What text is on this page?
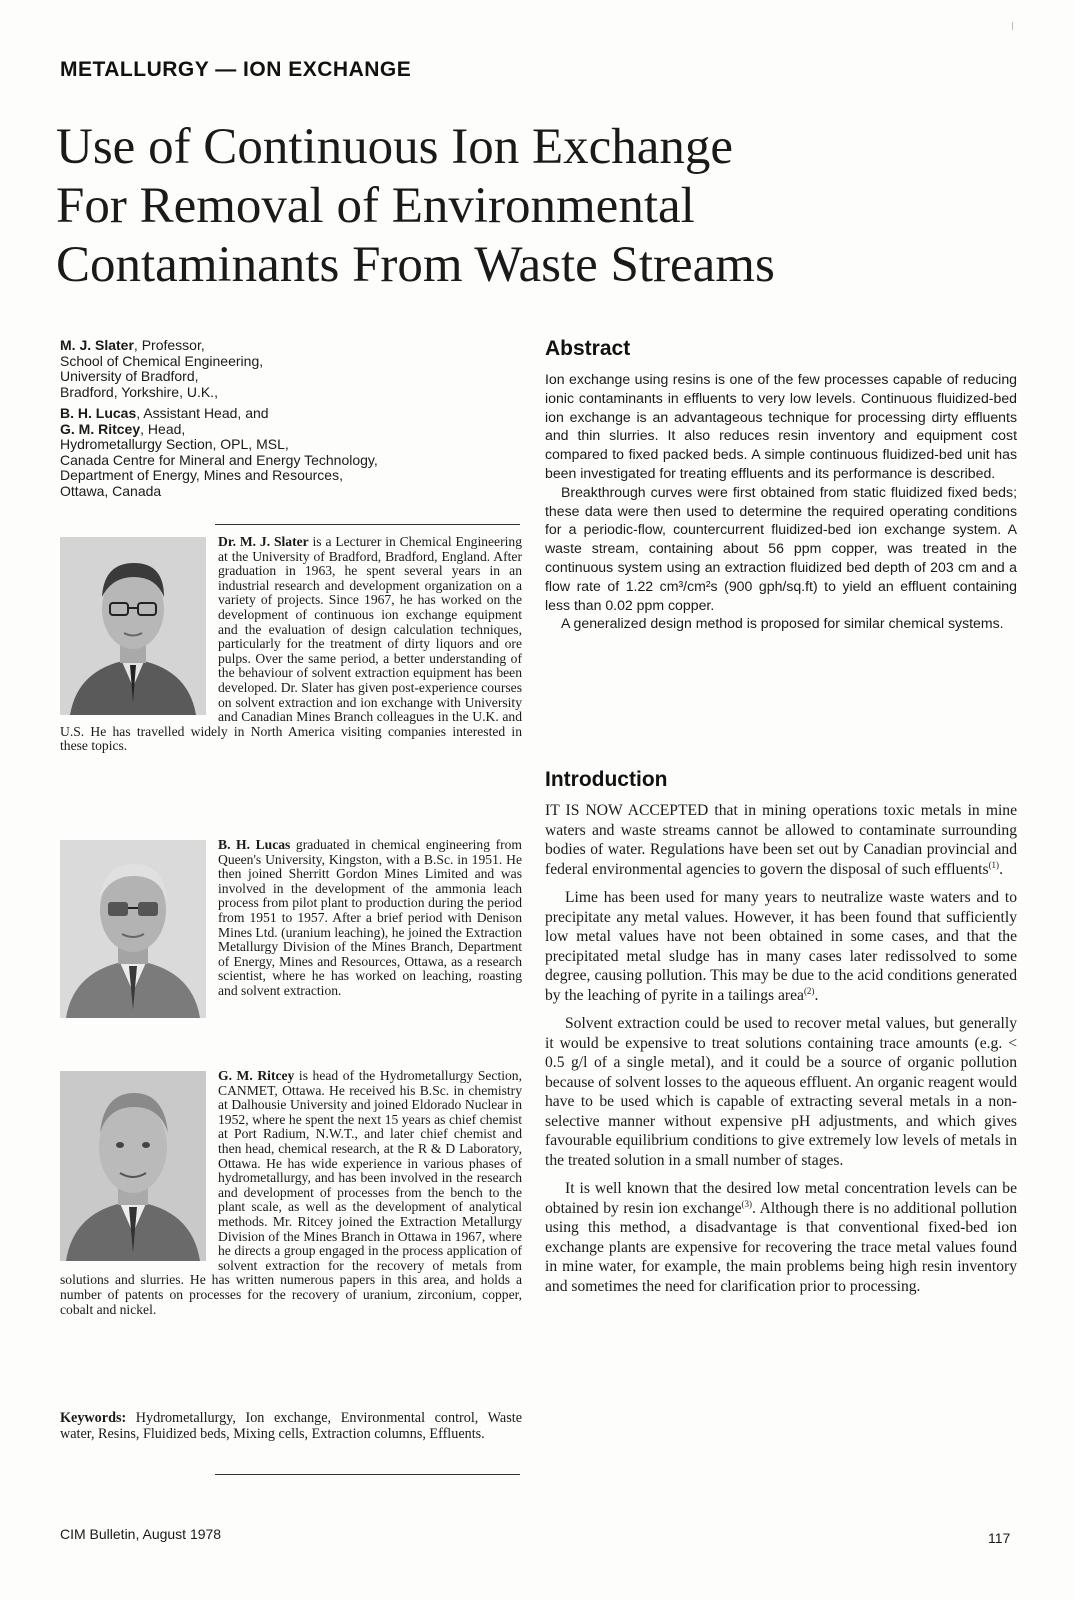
METALLURGY — ION EXCHANGE
Use of Continuous Ion Exchange
For Removal of Environmental
Contaminants From Waste Streams
M. J. Slater, Professor,
School of Chemical Engineering,
University of Bradford,
Bradford, Yorkshire, U.K.,
B. H. Lucas, Assistant Head, and
G. M. Ritcey, Head,
Hydrometallurgy Section, OPL, MSL,
Canada Centre for Mineral and Energy Technology,
Department of Energy, Mines and Resources,
Ottawa, Canada
Dr. M. J. Slater is a Lecturer in Chemical Engineering at the University of Bradford, Bradford, England. After graduation in 1963, he spent several years in an industrial research and development organization on a variety of projects. Since 1967, he has worked on the development of continuous ion exchange equipment and the evaluation of design calculation techniques, particularly for the treatment of dirty liquors and ore pulps. Over the same period, a better understanding of the behaviour of solvent extraction equipment has been developed. Dr. Slater has given post-experience courses on solvent extraction and ion exchange with University and Canadian Mines Branch colleagues in the U.K. and U.S. He has travelled widely in North America visiting companies interested in these topics.
B. H. Lucas graduated in chemical engineering from Queen's University, Kingston, with a B.Sc. in 1951. He then joined Sherritt Gordon Mines Limited and was involved in the development of the ammonia leach process from pilot plant to production during the period from 1951 to 1957. After a brief period with Denison Mines Ltd. (uranium leaching), he joined the Extraction Metallurgy Division of the Mines Branch, Department of Energy, Mines and Resources, Ottawa, as a research scientist, where he has worked on leaching, roasting and solvent extraction.
G. M. Ritcey is head of the Hydrometallurgy Section, CANMET, Ottawa. He received his B.Sc. in chemistry at Dalhousie University and joined Eldorado Nuclear in 1952, where he spent the next 15 years as chief chemist at Port Radium, N.W.T., and later chief chemist and then head, chemical research, at the R & D Laboratory, Ottawa. He has wide experience in various phases of hydrometallurgy, and has been involved in the research and development of processes from the bench to the plant scale, as well as the development of analytical methods. Mr. Ritcey joined the Extraction Metallurgy Division of the Mines Branch in Ottawa in 1967, where he directs a group engaged in the process application of solvent extraction for the recovery of metals from solutions and slurries. He has written numerous papers in this area, and holds a number of patents on processes for the recovery of uranium, zirconium, copper, cobalt and nickel.
Keywords: Hydrometallurgy, Ion exchange, Environmental control, Waste water, Resins, Fluidized beds, Mixing cells, Extraction columns, Effluents.
Abstract

Ion exchange using resins is one of the few processes capable of reducing ionic contaminants in effluents to very low levels. Continuous fluidized-bed ion exchange is an advantageous technique for processing dirty effluents and thin slurries. It also reduces resin inventory and equipment cost compared to fixed packed beds. A simple continuous fluidized-bed unit has been investigated for treating effluents and its performance is described.

Breakthrough curves were first obtained from static fluidized fixed beds; these data were then used to determine the required operating conditions for a periodic-flow, countercurrent fluidized-bed ion exchange system. A waste stream, containing about 56 ppm copper, was treated in the continuous system using an extraction fluidized bed depth of 203 cm and a flow rate of 1.22 cm³/cm²s (900 gph/sq.ft) to yield an effluent containing less than 0.02 ppm copper.

A generalized design method is proposed for similar chemical systems.

Introduction

IT IS NOW ACCEPTED that in mining operations toxic metals in mine waters and waste streams cannot be allowed to contaminate surrounding bodies of water. Regulations have been set out by Canadian provincial and federal environmental agencies to govern the disposal of such effluents$^{(1)}$.

Lime has been used for many years to neutralize waste waters and to precipitate any metal values. However, it has been found that sufficiently low metal values have not been obtained in some cases, and that the precipitated metal sludge has in many cases later redissolved to some degree, causing pollution. This may be due to the acid conditions generated by the leaching of pyrite in a tailings area$^{(2)}$.

Solvent extraction could be used to recover metal values, but generally it would be expensive to treat solutions containing trace amounts (e.g. < 0.5 g/l of a single metal), and it could be a source of organic pollution because of solvent losses to the aqueous effluent. An organic reagent would have to be used which is capable of extracting several metals in a non-selective manner without expensive pH adjustments, and which gives favourable equilibrium conditions to give extremely low levels of metals in the treated solution in a small number of stages.

It is well known that the desired low metal concentration levels can be obtained by resin ion exchange$^{(3)}$. Although there is no additional pollution using this method, a disadvantage is that conventional fixed-bed ion exchange plants are expensive for recovering the trace metal values found in mine water, for example, the main problems being high resin inventory and sometimes the need for clarification prior to processing.

CIM Bulletin, August 1978	117
